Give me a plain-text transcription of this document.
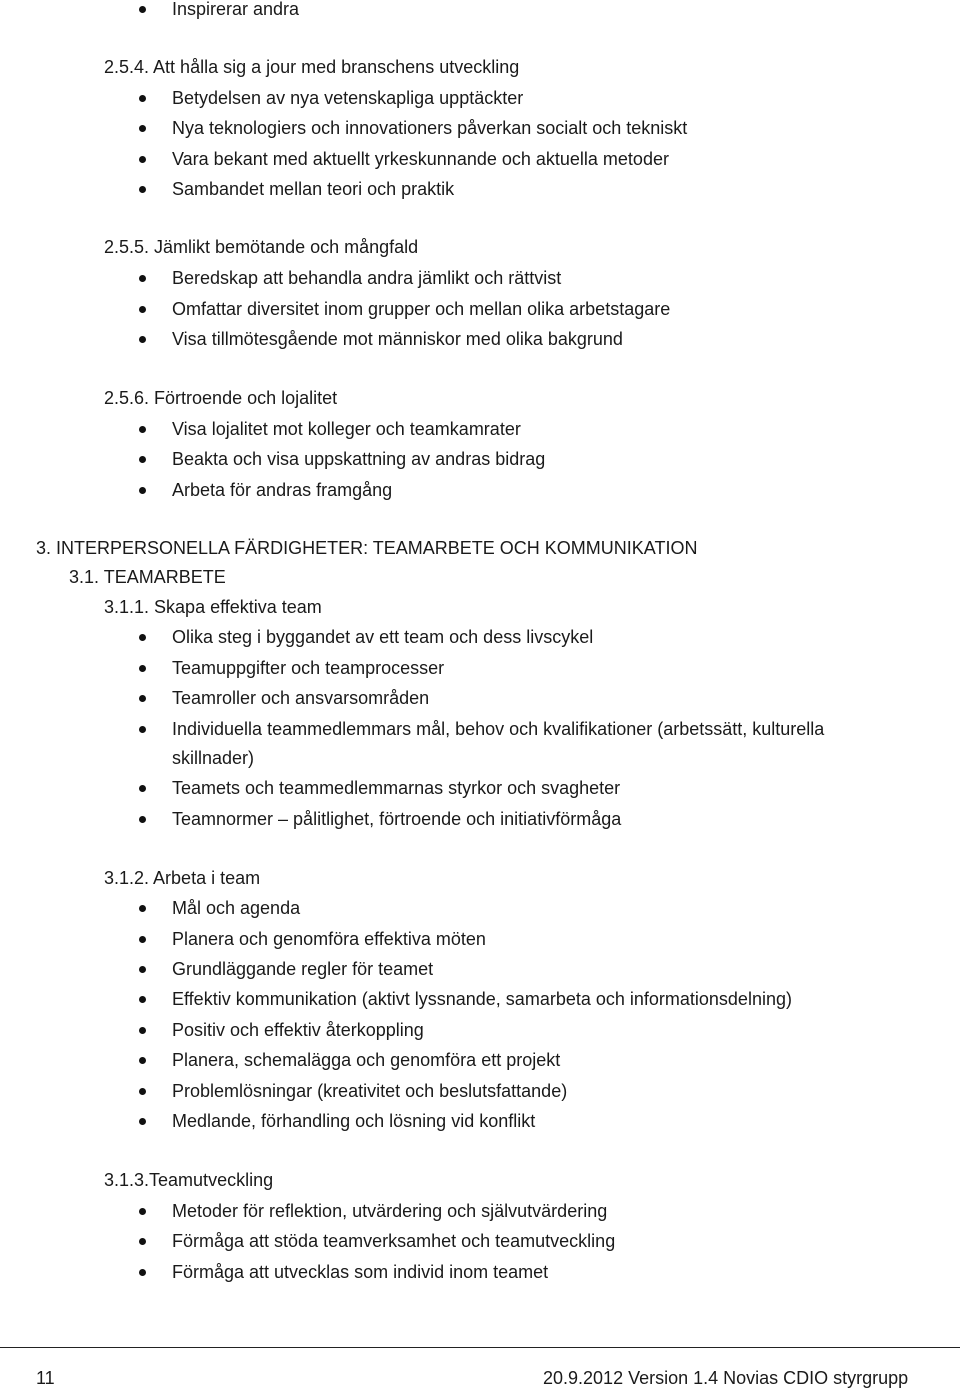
Inspirerar andra
2.5.4. Att hålla sig a jour med branschens utveckling
Betydelsen av nya vetenskapliga upptäckter
Nya teknologiers och innovationers påverkan socialt och tekniskt
Vara bekant med aktuellt yrkeskunnande och aktuella metoder
Sambandet mellan teori och praktik
2.5.5. Jämlikt bemötande och mångfald
Beredskap att behandla andra jämlikt och rättvist
Omfattar diversitet inom grupper och mellan olika arbetstagare
Visa tillmötesgående mot människor med olika bakgrund
2.5.6. Förtroende och lojalitet
Visa lojalitet mot kolleger och teamkamrater
Beakta och visa uppskattning av andras bidrag
Arbeta för andras framgång
3. INTERPERSONELLA FÄRDIGHETER: TEAMARBETE OCH KOMMUNIKATION
3.1. TEAMARBETE
3.1.1. Skapa effektiva team
Olika steg i byggandet av ett team och dess livscykel
Teamuppgifter och teamprocesser
Teamroller och ansvarsområden
Individuella teammedlemmars mål, behov och kvalifikationer (arbetssätt, kulturella
skillnader)
Teamets och teammedlemmarnas styrkor och svagheter
Teamnormer – pålitlighet, förtroende och initiativförmåga
3.1.2. Arbeta i team
Mål och agenda
Planera och genomföra effektiva möten
Grundläggande regler för teamet
Effektiv kommunikation (aktivt lyssnande, samarbeta och informationsdelning)
Positiv och effektiv återkoppling
Planera, schemalägga och genomföra ett projekt
Problemlösningar (kreativitet och beslutsfattande)
Medlande, förhandling och lösning vid konflikt
3.1.3.Teamutveckling
Metoder för reflektion, utvärdering och självutvärdering
Förmåga att stöda teamverksamhet och teamutveckling
Förmåga att utvecklas som individ inom teamet
11	20.9.2012 Version 1.4 Novias CDIO styrgrupp
